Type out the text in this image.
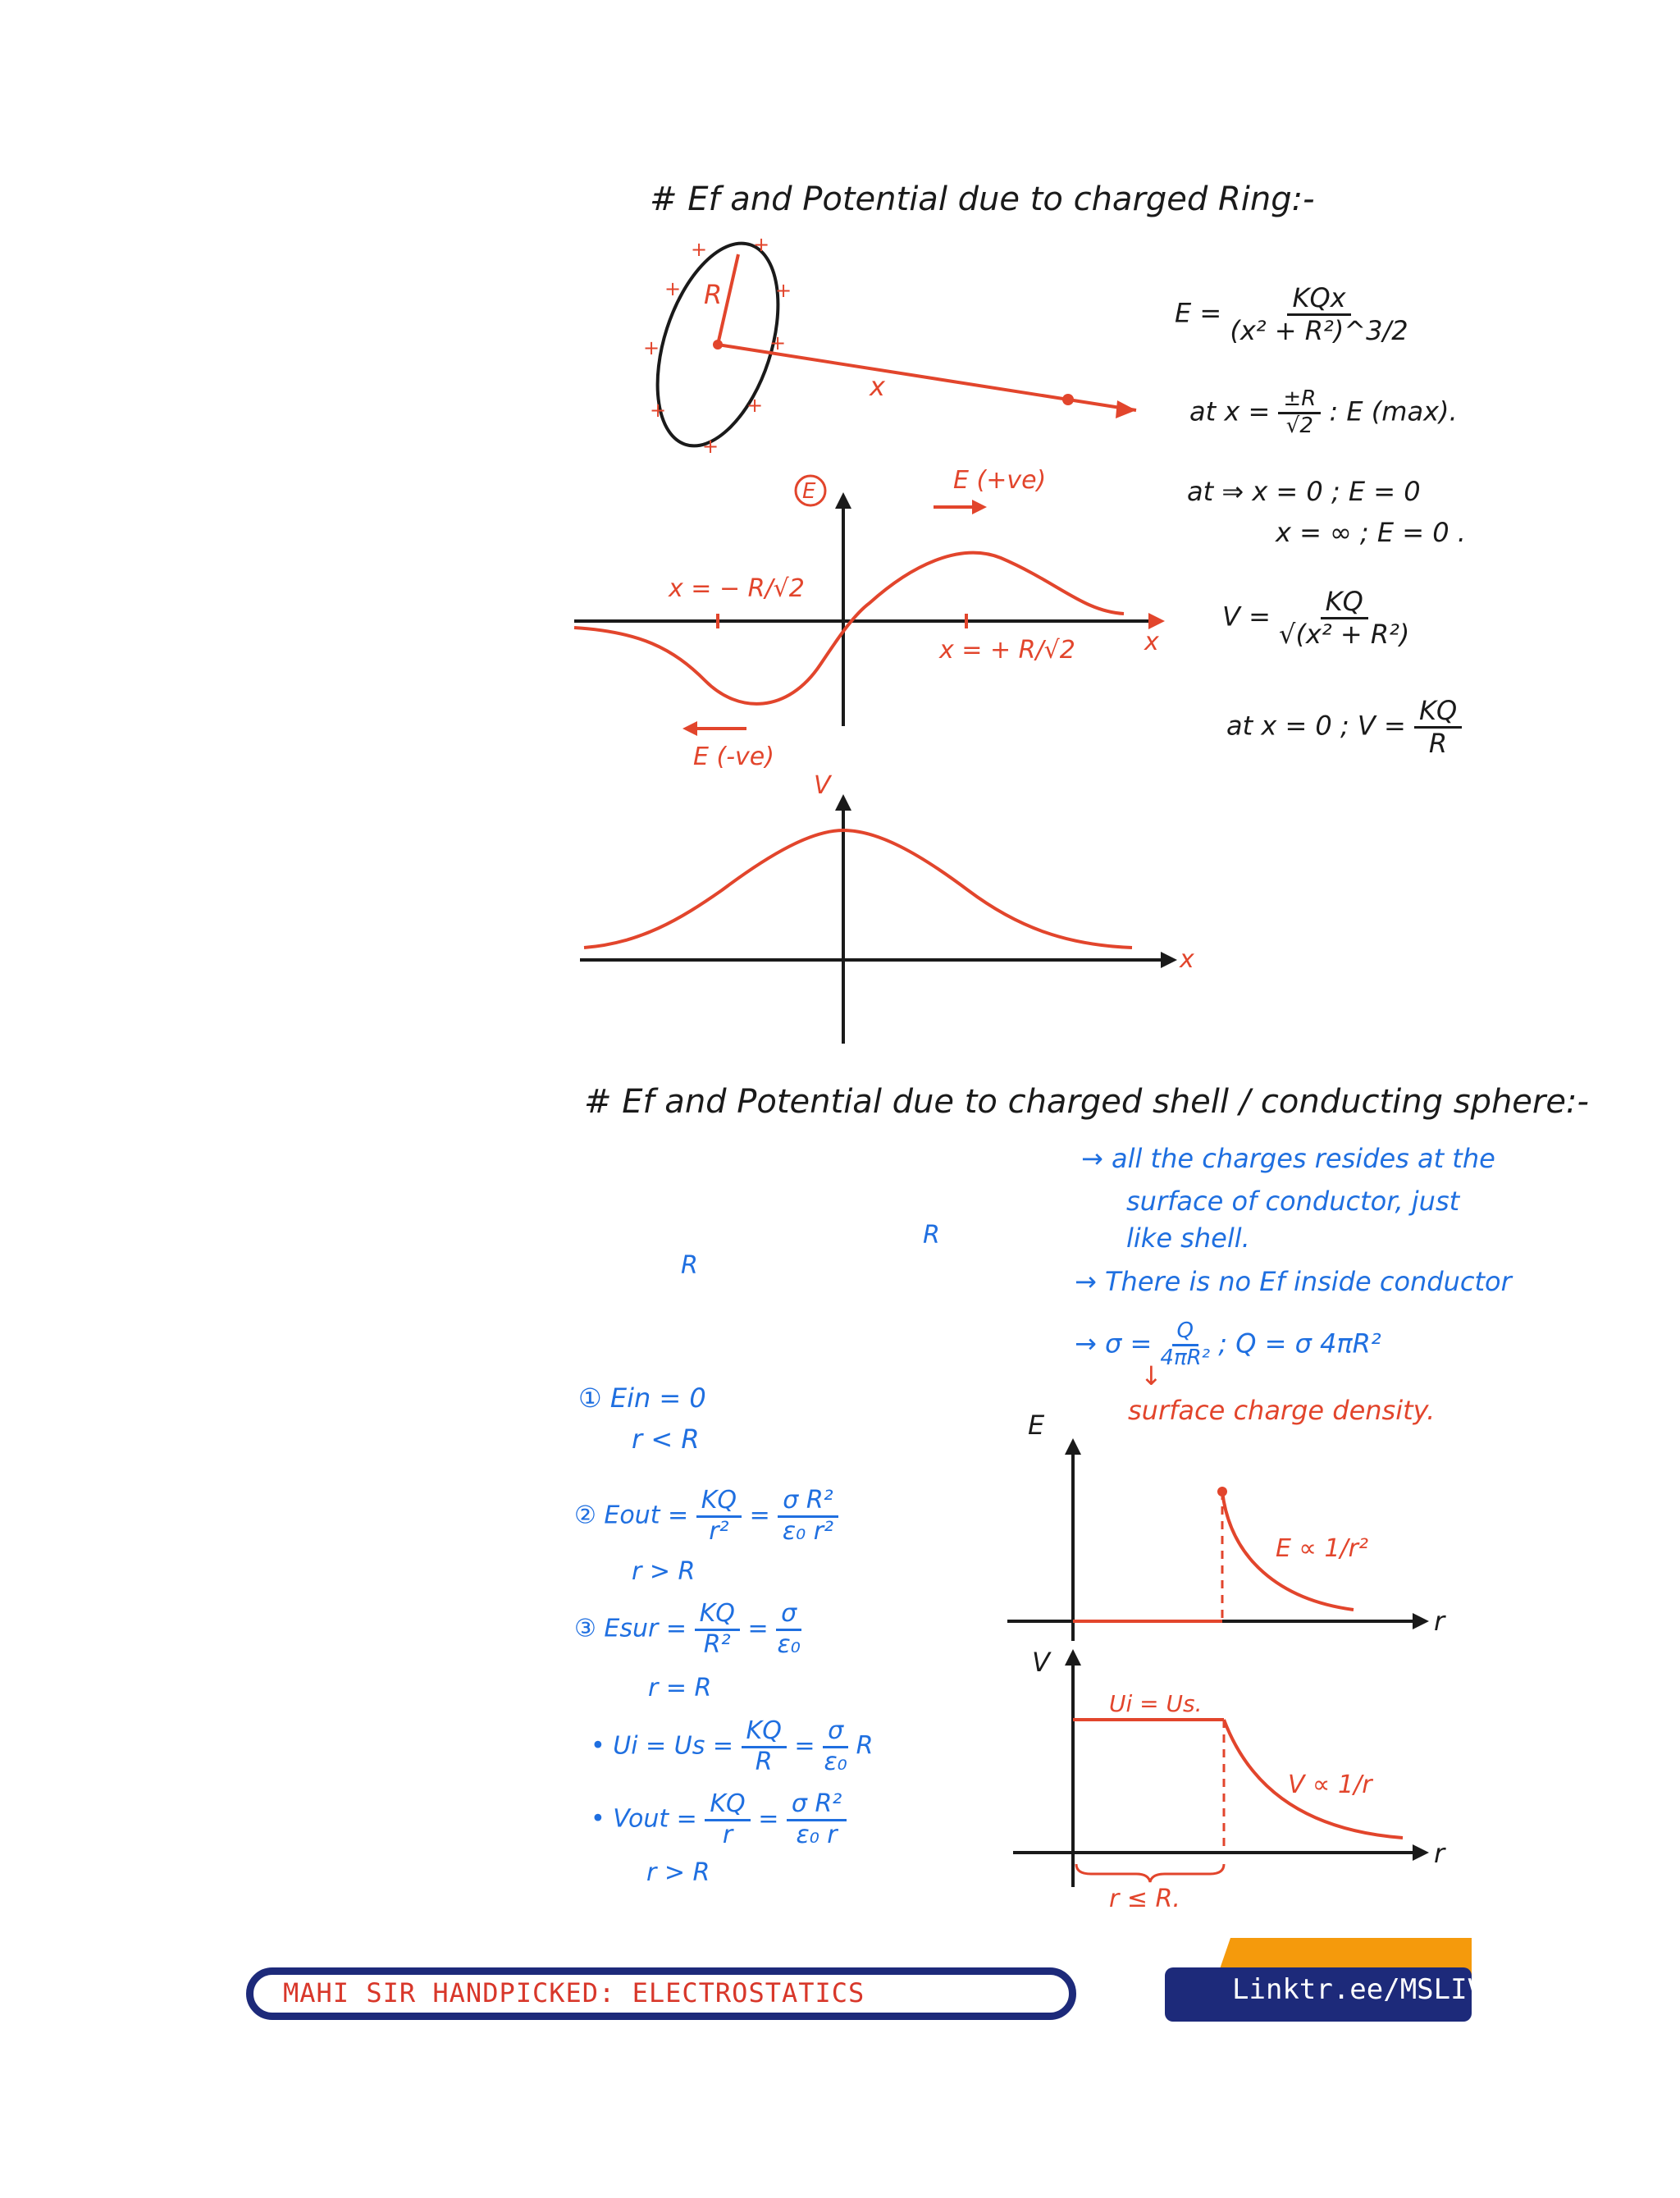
# Ef and Potential due to charged Ring:-
+ +
+	+
+	+
+	+
+
R
x
E	E (+ve)
E (-ve)
x = − R/√2
x = + R/√2	x
V
x
$E = \frac{\text{KQx}}{\text{(x² + R²)\textasciicircum{}3/2}}$
at $x = \frac{\pm R}{√2}$ : E (max).
at ⇒ x = 0 ; E = 0
x = ∞ ; E = 0 .
$V = \frac{KQ}{\text{√(x² + R²)}}$
at x = 0 ; $V = \frac{KQ}{R}$
# Ef and Potential due to charged shell / conducting sphere:-
R
R
→ all the charges resides at the
surface of conductor, just
like shell.
→ There is no Ef inside conductor
→ $\sigma = \frac{Q}{\text{4πR²}}$ ; Q = σ 4πR²
↓
surface charge density.
① Ein = 0
r < R
② Eout = $\frac{KQ}{\text{r²}} = \frac{\text{σ R²}}{\text{ε₀ r²}}$
r > R
③ Esur = $\frac{KQ}{\text{R²}} = \frac{\sigma}{\text{ε₀}}$
r = R
• $Ui = Us = \frac{KQ}{R} = \frac{\sigma}{\text{ε₀}}$ R
• Vout = $\frac{KQ}{r} = \frac{\text{σ R²}}{\text{ε₀ r}}$
r > R
E
r
E ∝ 1/r²
V
r
Ui = Us.
V ∝ 1/r
r ≤ R.
MAHI SIR HANDPICKED: ELECTROSTATICS	Linktr.ee/MSLIVE
